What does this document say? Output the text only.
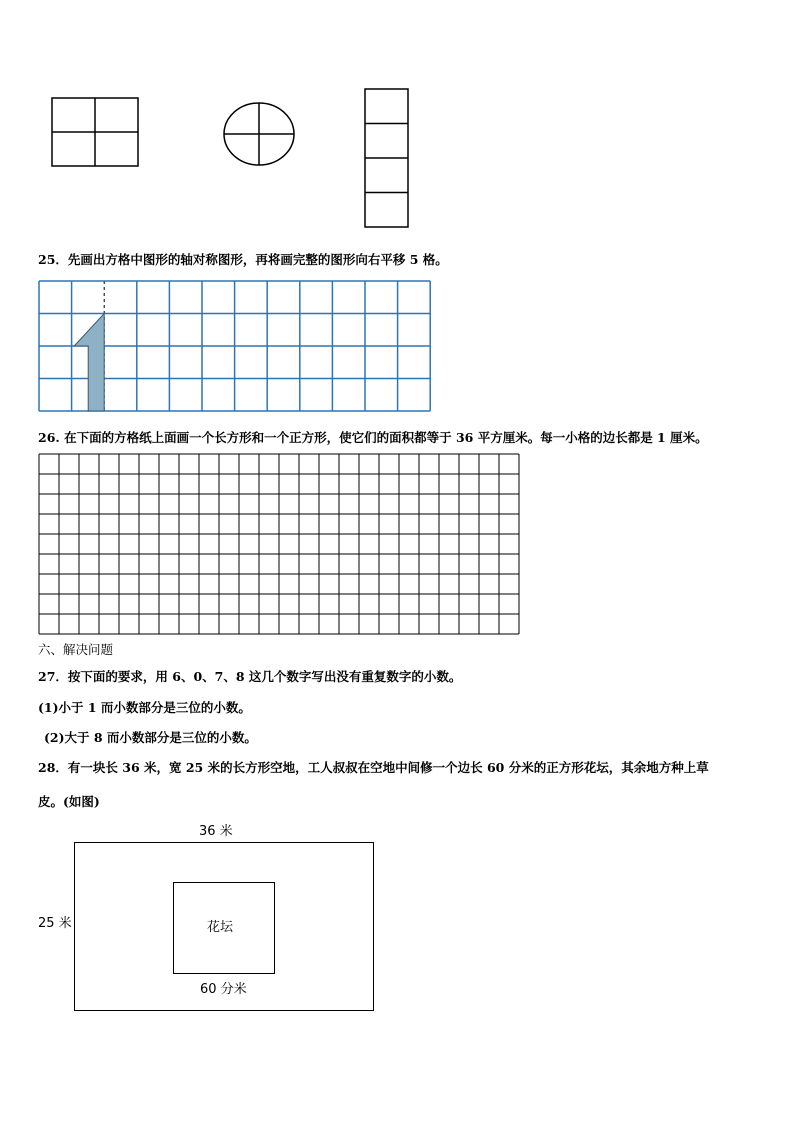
25．先画出方格中图形的轴对称图形，再将画完整的图形向右平移 5 格。
26. 在下面的方格纸上面画一个长方形和一个正方形，使它们的面积都等于 36 平方厘米。每一小格的边长都是 1 厘米。
六、解决问题
27．按下面的要求，用 6、0、7、8 这几个数字写出没有重复数字的小数。
(1)小于 1 而小数部分是三位的小数。
(2)大于 8 而小数部分是三位的小数。
28．有一块长 36 米，宽 25 米的长方形空地，工人叔叔在空地中间修一个边长 60 分米的正方形花坛，其余地方种上草
皮。(如图)
36 米
25 米	花坛
60 分米
